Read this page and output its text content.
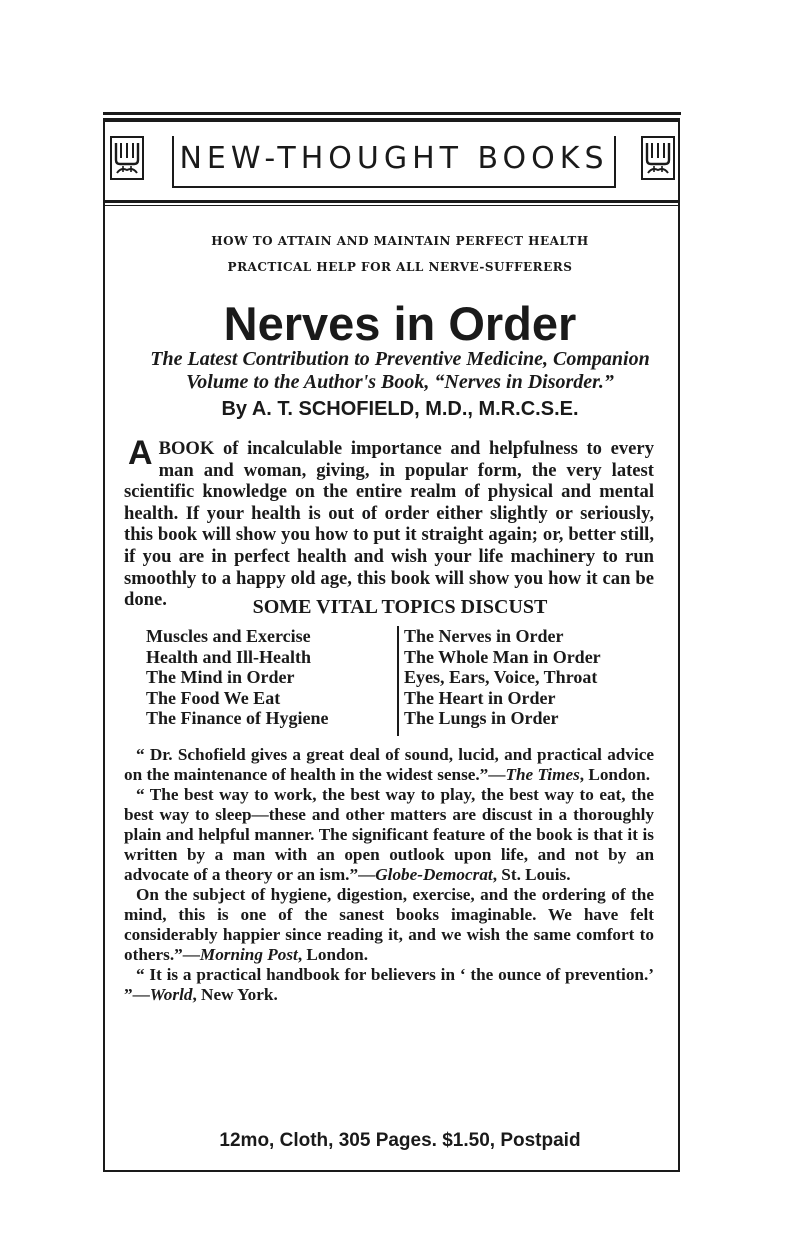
NEW-THOUGHT BOOKS
HOW TO ATTAIN AND MAINTAIN PERFECT HEALTH
PRACTICAL HELP FOR ALL NERVE-SUFFERERS
Nerves in Order
The Latest Contribution to Preventive Medicine, Companion
Volume to the Author's Book, “Nerves in Disorder.”
By A. T. SCHOFIELD, M.D., M.R.C.S.E.

A BOOK of incalculable importance and helpfulness to every man and woman, giving, in popular form, the very latest scientific knowledge on the entire realm of physical and mental health. If your health is out of order either slightly or seriously, this book will show you how to put it straight again; or, better still, if you are in perfect health and wish your life machinery to run smoothly to a happy old age, this book will show you how it can be done.	SOME VITAL TOPICS DISCUST
Muscles and Exercise
Health and Ill-Health
The Mind in Order
The Food We Eat
The Finance of Hygiene
The Nerves in Order
The Whole Man in Order
Eyes, Ears, Voice, Throat
The Heart in Order
The Lungs in Order

“ Dr. Schofield gives a great deal of sound, lucid, and practical advice on the maintenance of health in the widest sense.”—The Times, London.

“ The best way to work, the best way to play, the best way to eat, the best way to sleep—these and other matters are discust in a thoroughly plain and helpful manner. The significant feature of the book is that it is written by a man with an open outlook upon life, and not by an advocate of a theory or an ism.”—Globe-Democrat, St. Louis.

On the subject of hygiene, digestion, exercise, and the ordering of the mind, this is one of the sanest books imaginable. We have felt considerably happier since reading it, and we wish the same comfort to others.”—Morning Post, London.

“ It is a practical handbook for believers in ‘ the ounce of prevention.’ ”—World, New York.

12mo, Cloth, 305 Pages. $1.50, Postpaid
